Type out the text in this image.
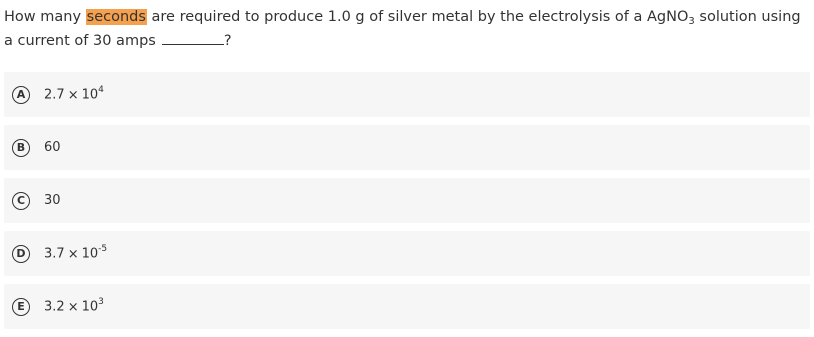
How many seconds are required to produce 1.0 g of silver metal by the electrolysis of a AgNO$_3$ solution using a current of 30 amps	?
A	$2.7 \times 10^4$
B	60
C	30
D	$3.7 \times 10^{-5}$
E	$3.2 \times 10^3$
